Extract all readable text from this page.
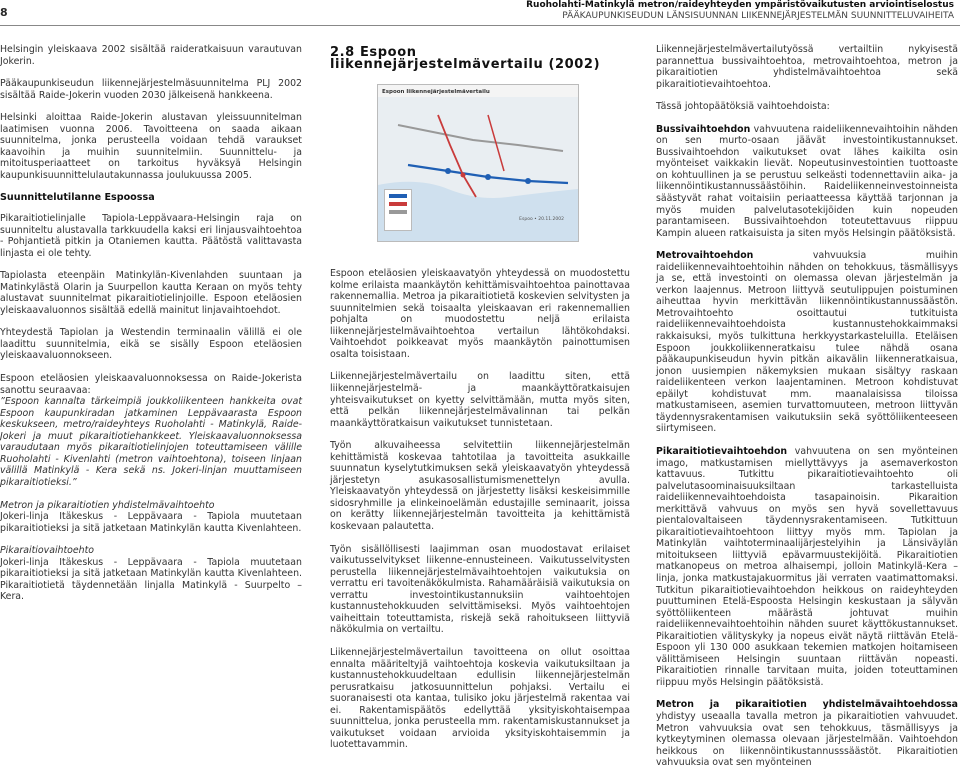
8
Ruoholahti-Matinkylä metron/raideyhteyden ympäristövaikutusten arviointiselostus
PÄÄKAUPUNKISEUDUN LÄNSISUUNNAN LIIKENNEJÄRJESTELMÄN SUUNNITTELUVAIHEITA

Helsingin yleiskaava 2002 sisältää raideratkaisuun varautuvan Jokerin.

Pääkaupunkiseudun liikennejärjestelmäsuunnitelma PLJ 2002 sisältää Raide-Jokerin vuoden 2030 jälkeisenä hankkeena.

Helsinki aloittaa Raide-Jokerin alustavan yleissuunnitelman laatimisen vuonna 2006. Tavoitteena on saada aikaan suunnitelma, jonka perusteella voidaan tehdä varaukset kaavoihin ja muihin suunnitelmiin. Suunnittelu- ja mitoitusperiaatteet on tarkoitus hyväksyä Helsingin kaupunkisuunnittelulautakunnassa joulukuussa 2005.

Suunnittelutilanne Espoossa

Pikaraitiotielinjalle Tapiola-Leppävaara-Helsingin raja on suunniteltu alustavalla tarkkuudella kaksi eri linjausvaihtoehtoa - Pohjantietä pitkin ja Otaniemen kautta. Päätöstä valittavasta linjasta ei ole tehty.

Tapiolasta eteenpäin Matinkylän-Kivenlahden suuntaan ja Matinkylästä Olarin ja Suurpellon kautta Keraan on myös tehty alustavat suunnitelmat pikaraitiotielinjoille. Espoon eteläosien yleiskaavaluonnos sisältää edellä mainitut linjavaihtoehdot.

Yhteydestä Tapiolan ja Westendin terminaalin välillä ei ole laadittu suunnitelmia, eikä se sisälly Espoon eteläosien yleiskaavaluonnokseen.

Espoon eteläosien yleiskaavaluonnoksessa on Raide-Jokerista sanottu seuraavaa:

”Espoon kannalta tärkeimpiä joukkoliikenteen hankkeita ovat Espoon kaupunkiradan jatkaminen Leppävaarasta Espoon keskukseen, metro/raideyhteys Ruoholahti - Matinkylä, Raide-Jokeri ja muut pikaraitiotiehankkeet. Yleiskaavaluonnoksessa varaudutaan myös pikaraitiotielinjojen toteuttamiseen välille Ruoholahti - Kivenlahti (metron vaihtoehtona), toiseen linjaan välillä Matinkylä - Kera sekä ns. Jokeri-linjan muuttamiseen pikaraitiotieksi.”

Metron ja pikaraitiotien yhdistelmävaihtoehto

Jokeri-linja Itäkeskus - Leppävaara - Tapiola muutetaan pikaraitiotieksi ja sitä jatketaan Matinkylän kautta Kivenlahteen.

Pikaraitiovaihtoehto

Jokeri-linja Itäkeskus - Leppävaara - Tapiola muutetaan pikaraitiotieksi ja sitä jatketaan Matinkylän kautta Kivenlahteen. Pikaraitiotietä täydennetään linjalla Matinkylä - Suurpelto – Kera.

2.8 Espoon liikennejärjestelmävertailu (2002)
Espoon liikennejärjestelmävertailu
Espoo • 20.11.2002

Espoon eteläosien yleiskaavatyön yhteydessä on muodostettu kolme erilaista maankäytön kehittämisvaihtoehtoa painottavaa rakennemallia. Metroa ja pikaraitiotietä koskevien selvitysten ja suunnitelmien sekä toisaalta yleiskaavan eri rakennemallien pohjalta on muodostettu neljä erilaista liikennejärjestelmävaihtoehtoa vertailun lähtökohdaksi. Vaihtoehdot poikkeavat myös maankäytön painottumisen osalta toisistaan.

Liikennejärjestelmävertailu on laadittu siten, että liikennejärjestelmä- ja maankäyttöratkaisujen yhteisvaikutukset on kyetty selvittämään, mutta myös siten, että pelkän liikennejärjestelmävalinnan tai pelkän maankäyttöratkaisun vaikutukset tunnistetaan.

Työn alkuvaiheessa selvitettiin liikennejärjestelmän kehittämistä koskevaa tahtotilaa ja tavoitteita asukkaille suunnatun kyselytutkimuksen sekä yleiskaavatyön yhteydessä järjestetyn asukasosallistumismenettelyn avulla. Yleiskaavatyön yhteydessä on järjestetty lisäksi keskeisimmille sidosryhmille ja elinkeinoelämän edustajille seminaarit, joissa on kerätty liikennejärjestelmän tavoitteita ja kehittämistä koskevaan palautetta.

Työn sisällöllisesti laajimman osan muodostavat erilaiset vaikutusselvitykset liikenne-ennusteineen. Vaikutusselvitysten perustella liikennejärjestelmävaihtoehtojen vaikutuksia on verrattu eri tavoitenäkökulmista. Rahamääräisiä vaikutuksia on verrattu investointikustannuksiin vaihtoehtojen kustannustehokkuuden selvittämiseksi. Myös vaihtoehtojen vaiheittain toteuttamista, riskejä sekä rahoitukseen liittyviä näkökulmia on vertailtu.

Liikennejärjestelmävertailun tavoitteena on ollut osoittaa ennalta määriteltyjä vaihtoehtoja koskevia vaikutuksiltaan ja kustannustehokkuudeltaan edullisin liikennejärjestelmän perusratkaisu jatkosuunnittelun pohjaksi. Vertailu ei suoranaisesti ota kantaa, tulisiko joku järjestelmä rakentaa vai ei. Rakentamispäätös edellyttää yksityiskohtaisempaa suunnittelua, jonka perusteella mm. rakentamiskustannukset ja vaikutukset voidaan arvioida yksityiskohtaisemmin ja luotettavammin.

Liikennejärjestelmävertailutyössä vertailtiin nykyisestä parannettua bussivaihtoehtoa, metrovaihtoehtoa, metron ja pikaraitiotien yhdistelmävaihtoehtoa sekä pikaraitiotievaihtoehtoa.

Tässä johtopäätöksiä vaihtoehdoista:

Bussivaihtoehdon vahvuutena raideliikennevaihtoihin nähden on sen murto-osaan jäävät investointikustannukset. Bussivaihtoehdon vaikutukset ovat lähes kaikilta osin myönteiset vaikkakin lievät. Nopeutusinvestointien tuottoaste on kohtuullinen ja se perustuu selkeästi todennettaviin aika- ja liikennöintikustannussäästöihin. Raideliikenneinvestoinneista säästyvät rahat voitaisiin periaatteessa käyttää tarjonnan ja myös muiden palvelutasotekijöiden kuin nopeuden parantamiseen. Bussivaihtoehdon toteutettavuus riippuu Kampin alueen ratkaisuista ja siten myös Helsingin päätöksistä.

Metrovaihtoehdon vahvuuksia muihin raideliikennevaihtoehtoihin nähden on tehokkuus, täsmällisyys ja se, että investointi on olemassa olevan järjestelmän ja verkon laajennus. Metroon liittyvä seutulippujen poistuminen aiheuttaa hyvin merkittävän liikennöintikustannussäästön. Metrovaihtoehto osoittautui tutkituista raideliikennevaihtoehdoista kustannustehokkaimmaksi rakkaisuksi, myös tulkittuna herkkyystarkasteluilla. Eteläisen Espoon joukkoliikenneratkaisu tulee nähdä osana pääkaupunkiseudun hyvin pitkän aikavälin liikenneratkaisua, jonon uusiempien näkemyksien mukaan sisältyy raskaan raideliikenteen verkon laajentaminen. Metroon kohdistuvat epäilyt kohdistuvat mm. maanalaisissa tiloissa matkustamiseen, asemien turvattomuuteen, metroon liittyvän täydennysrakentamisen vaikutuksiin sekä syöttöliikenteeseen siirtymiseen.

Pikaraitiotievaihtoehdon vahvuutena on sen myönteinen imago, matkustamisen miellyttävyys ja asemaverkoston kattavuus. Tutkittu pikaraitiotievaihtoehto oli palvelutasoominaisuuksiltaan tarkastelluista raideliikennevaihtoehdoista tasapainoisin. Pikaraition merkittävä vahvuus on myös sen hyvä sovellettavuus pientalovaltaiseen täydennysrakentamiseen. Tutkittuun pikaraitiotievaihtoehtoon liittyy myös mm. Tapiolan ja Matinkylän vaihtoterminaalijärjestelyihin ja Länsiväylän mitoitukseen liittyviä epävarmuustekijöitä. Pikaraitiotien matkanopeus on metroa alhaisempi, jolloin Matinkylä-Kera –linja, jonka matkustajakuormitus jäi verraten vaatimattomaksi. Tutkitun pikaraitiotievaihtoehdon heikkous on raideyhteyden puuttuminen Etelä-Espoosta Helsingin keskustaan ja sälyvän syöttöliikenteen määrästä johtuvat muihin raideliikennevaihtoehtoihin nähden suuret käyttökustannukset. Pikaraitiotien välityskyky ja nopeus eivät näytä riittävän Etelä-Espoon yli 130 000 asukkaan tekemien matkojen hoitamiseen välittämiseen Helsingin suuntaan riittävän nopeasti. Pikaraitiotien rinnalle tarvitaan muita, joiden toteuttaminen riippuu myös Helsingin päätöksistä.

Metron ja pikaraitiotien yhdistelmävaihtoehdossa yhdistyy useaalla tavalla metron ja pikaraitiotien vahvuudet. Metron vahvuuksia ovat sen tehokkuus, täsmällisyys ja kytkeytyminen olemassa olevaan järjestelmään. Vaihtoehdon heikkous on liikennöintikustannusssäästöt. Pikaraitiotien vahvuuksia ovat sen myönteinen
